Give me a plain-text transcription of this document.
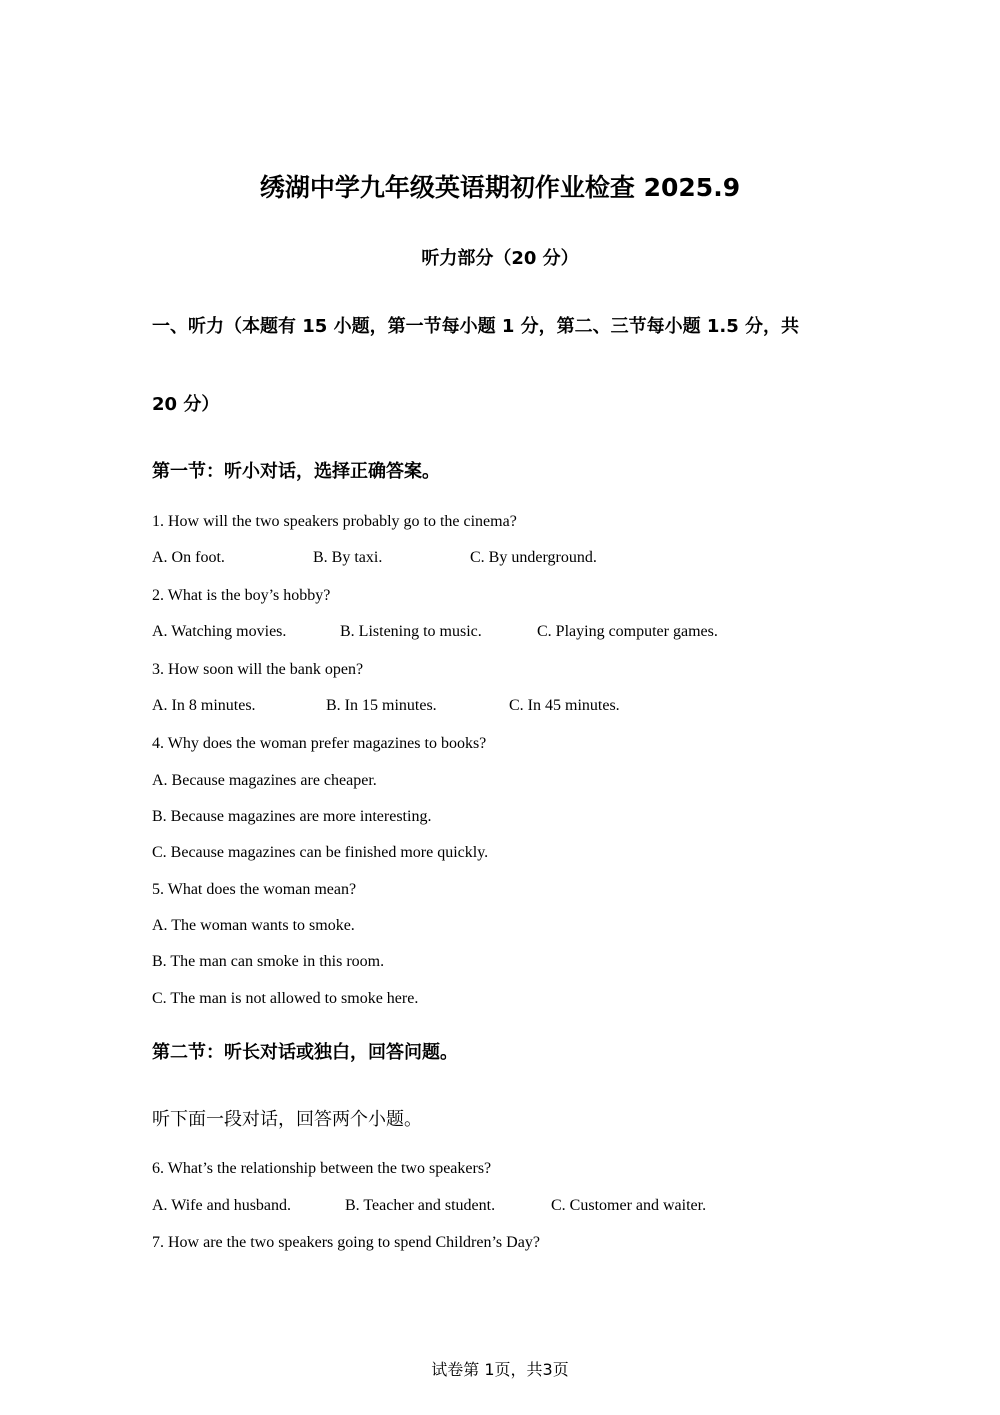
绣湖中学九年级英语期初作业检查 2025.9
听力部分（20 分）
一、听力（本题有 15 小题，第一节每小题 1 分，第二、三节每小题 1.5 分，共
20 分）
第一节：听小对话，选择正确答案。
1. How will the two speakers probably go to the cinema?
A. On foot.	B. By taxi.	C. By underground.
2. What is the boy’s hobby?
A. Watching movies.	B. Listening to music.	C. Playing computer games.
3. How soon will the bank open?
A. In 8 minutes.	B. In 15 minutes.	C. In 45 minutes.
4. Why does the woman prefer magazines to books?
A. Because magazines are cheaper.
B. Because magazines are more interesting.
C. Because magazines can be finished more quickly.
5. What does the woman mean?
A. The woman wants to smoke.
B. The man can smoke in this room.
C. The man is not allowed to smoke here.
第二节：听长对话或独白，回答问题。
听下面一段对话，回答两个小题。
6. What’s the relationship between the two speakers?
A. Wife and husband.	B. Teacher and student.	C. Customer and waiter.
7. How are the two speakers going to spend Children’s Day?
试卷第 1页，共3页
